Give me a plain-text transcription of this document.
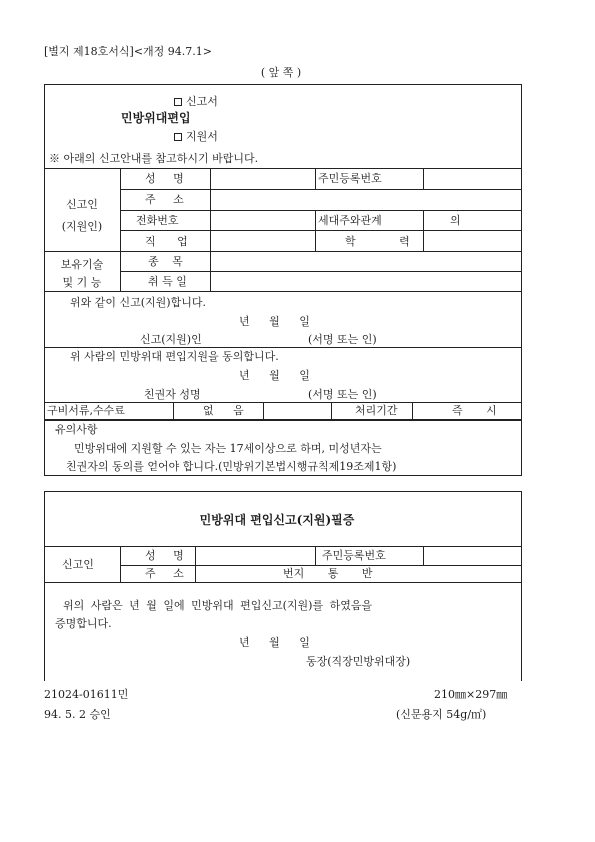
[별지 제18호서식]<개정 94.7.1>
( 앞 쪽 )
신고서
민방위대편입
지원서
※ 아래의 신고안내를 참고하시기 바랍니다.
신고인
(지원인)
성 명	주민등록번호
주 소
전화번호	세대주와관계	의
직 업	학 력
보유기술
및 기 능
종 목
취 득 일
위와 같이 신고(지원)합니다.
년 월 일
신고(지원)인	(서명 또는 인)
위 사람의 민방위대 편입지원을 동의합니다.
년 월 일
친권자 성명	(서명 또는 인)
구비서류,수수료	없 음	처리기간	즉 시
유의사항
민방위대에 지원할 수 있는 자는 17세이상으로 하며, 미성년자는
친권자의 동의를 얻어야 합니다.(민방위기본법시행규칙제19조제1항)
민방위대 편입신고(지원)필증
신고인
성 명	주민등록번호
주 소	번지 통 반
위의 사람은 년 월 일에 민방위대 편입신고(지원)를 하였음을
증명합니다.
년 월 일
동장(직장민방위대장)
21024-01611민
94. 5. 2 승인
210㎜×297㎜
(신문용지 54g/㎡)
